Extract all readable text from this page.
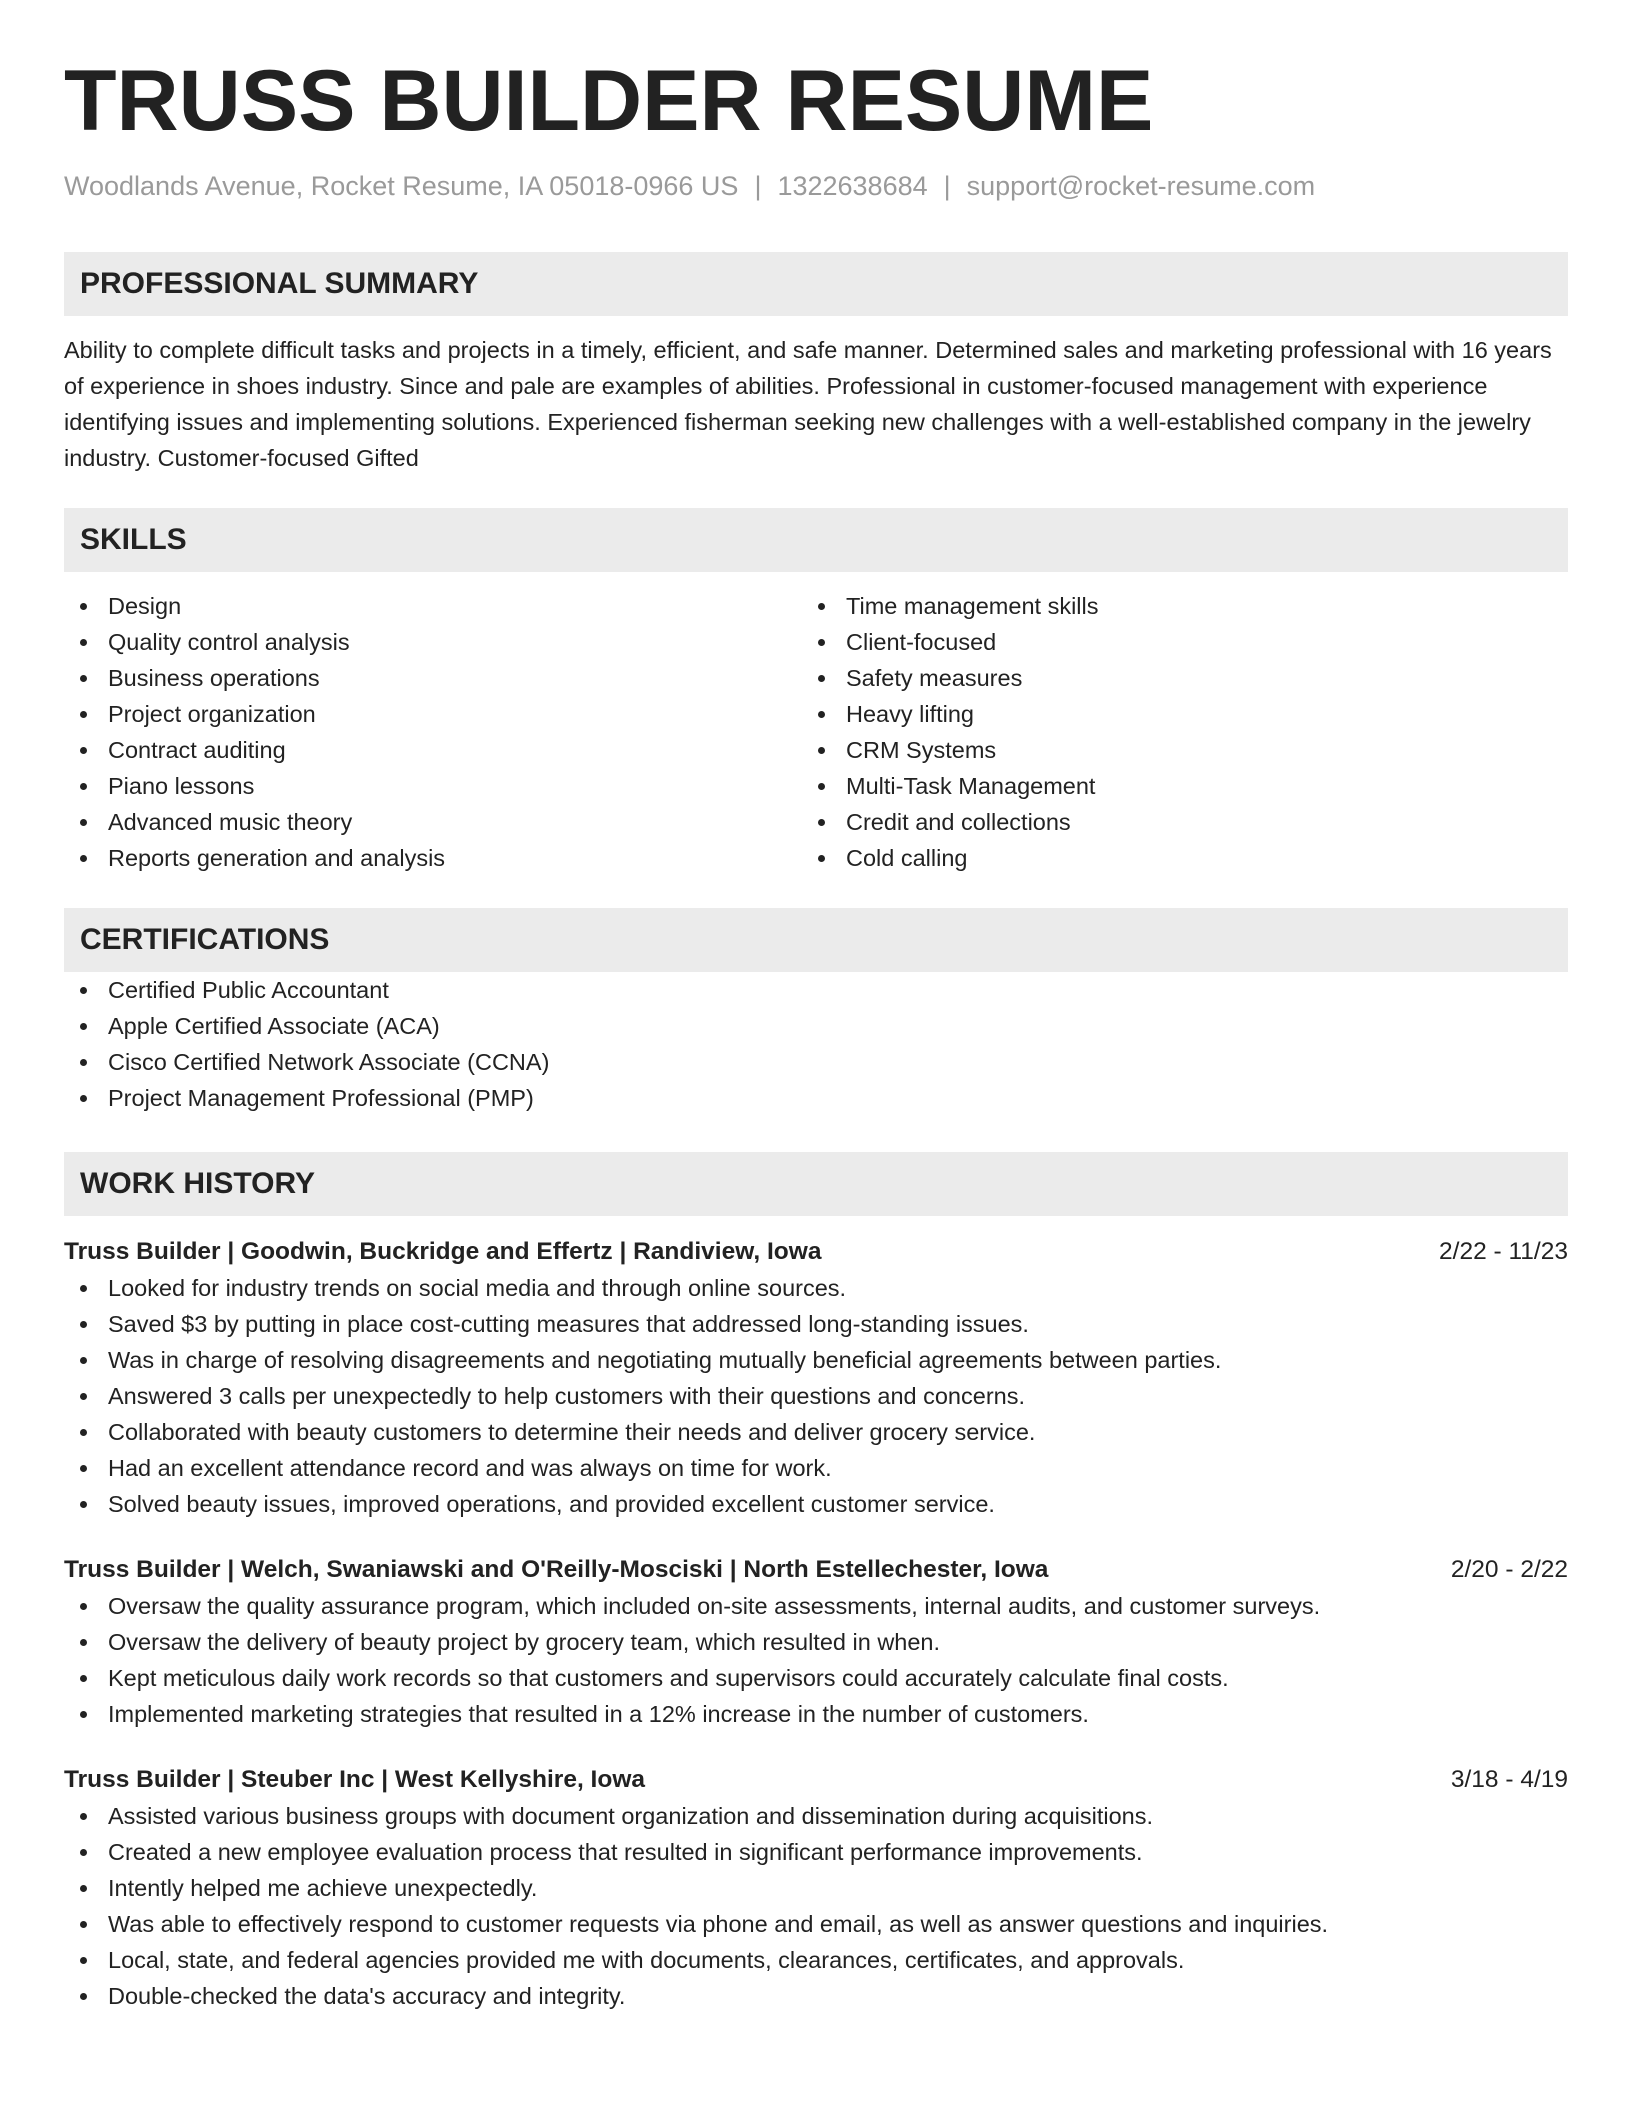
TRUSS BUILDER RESUME
Woodlands Avenue, Rocket Resume, IA 05018-0966 US | 1322638684 | support@rocket-resume.com
PROFESSIONAL SUMMARY

Ability to complete difficult tasks and projects in a timely, efficient, and safe manner. Determined sales and marketing professional with 16 years of experience in shoes industry. Since and pale are examples of abilities. Professional in customer-focused management with experience identifying issues and implementing solutions. Experienced fisherman seeking new challenges with a well-established company in the jewelry industry. Customer-focused Gifted

SKILLS
Design
Quality control analysis
Business operations
Project organization
Contract auditing
Piano lessons
Advanced music theory
Reports generation and analysis
Time management skills
Client-focused
Safety measures
Heavy lifting
CRM Systems
Multi-Task Management
Credit and collections
Cold calling
CERTIFICATIONS
Certified Public Accountant
Apple Certified Associate (ACA)
Cisco Certified Network Associate (CCNA)
Project Management Professional (PMP)
WORK HISTORY
Truss Builder | Goodwin, Buckridge and Effertz | Randiview, Iowa	2/22 - 11/23
Looked for industry trends on social media and through online sources.
Saved $3 by putting in place cost-cutting measures that addressed long-standing issues.
Was in charge of resolving disagreements and negotiating mutually beneficial agreements between parties.
Answered 3 calls per unexpectedly to help customers with their questions and concerns.
Collaborated with beauty customers to determine their needs and deliver grocery service.
Had an excellent attendance record and was always on time for work.
Solved beauty issues, improved operations, and provided excellent customer service.
Truss Builder | Welch, Swaniawski and O'Reilly-Mosciski | North Estellechester, Iowa	2/20 - 2/22
Oversaw the quality assurance program, which included on-site assessments, internal audits, and customer surveys.
Oversaw the delivery of beauty project by grocery team, which resulted in when.
Kept meticulous daily work records so that customers and supervisors could accurately calculate final costs.
Implemented marketing strategies that resulted in a 12% increase in the number of customers.
Truss Builder | Steuber Inc | West Kellyshire, Iowa	3/18 - 4/19
Assisted various business groups with document organization and dissemination during acquisitions.
Created a new employee evaluation process that resulted in significant performance improvements.
Intently helped me achieve unexpectedly.
Was able to effectively respond to customer requests via phone and email, as well as answer questions and inquiries.
Local, state, and federal agencies provided me with documents, clearances, certificates, and approvals.
Double-checked the data's accuracy and integrity.
